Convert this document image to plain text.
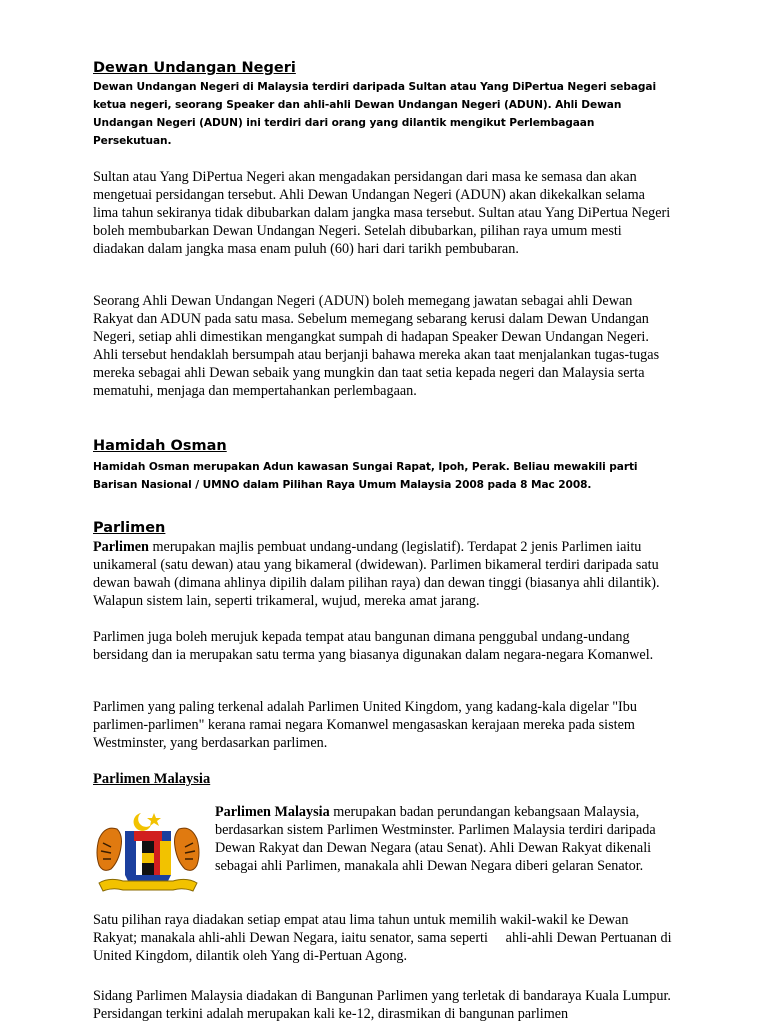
Dewan Undangan Negeri

Dewan Undangan Negeri di Malaysia terdiri daripada Sultan atau Yang DiPertua Negeri sebagai ketua negeri, seorang Speaker dan ahli-ahli Dewan Undangan Negeri (ADUN). Ahli Dewan Undangan Negeri (ADUN) ini terdiri dari orang yang dilantik mengikut Perlembagaan Persekutuan.

Sultan atau Yang DiPertua Negeri akan mengadakan persidangan dari masa ke semasa dan akan mengetuai persidangan tersebut. Ahli Dewan Undangan Negeri (ADUN) akan dikekalkan selama lima tahun sekiranya tidak dibubarkan dalam jangka masa tersebut. Sultan atau Yang DiPertua Negeri boleh membubarkan Dewan Undangan Negeri. Setelah dibubarkan, pilihan raya umum mesti diadakan dalam jangka masa enam puluh (60) hari dari tarikh pembubaran.

Seorang Ahli Dewan Undangan Negeri (ADUN) boleh memegang jawatan sebagai ahli Dewan Rakyat dan ADUN pada satu masa. Sebelum memegang sebarang kerusi dalam Dewan Undangan Negeri, setiap ahli dimestikan mengangkat sumpah di hadapan Speaker Dewan Undangan Negeri. Ahli tersebut hendaklah bersumpah atau berjanji bahawa mereka akan taat menjalankan tugas-tugas mereka sebagai ahli Dewan sebaik yang mungkin dan taat setia kepada negeri dan Malaysia serta mematuhi, menjaga dan mempertahankan perlembagaan.

Hamidah Osman

Hamidah Osman merupakan Adun kawasan Sungai Rapat, Ipoh, Perak. Beliau mewakili parti Barisan Nasional / UMNO dalam Pilihan Raya Umum Malaysia 2008 pada 8 Mac 2008.

Parlimen

Parlimen merupakan majlis pembuat undang-undang (legislatif). Terdapat 2 jenis Parlimen iaitu unikameral (satu dewan) atau yang bikameral (dwidewan). Parlimen bikameral terdiri daripada satu dewan bawah (dimana ahlinya dipilih dalam pilihan raya) dan dewan tinggi (biasanya ahli dilantik). Walapun sistem lain, seperti trikameral, wujud, mereka amat jarang.

Parlimen juga boleh merujuk kepada tempat atau bangunan dimana penggubal undang-undang bersidang dan ia merupakan satu terma yang biasanya digunakan dalam negara-negara Komanwel.

Parlimen yang paling terkenal adalah Parlimen United Kingdom, yang kadang-kala digelar "Ibu parlimen-parlimen" kerana ramai negara Komanwel mengasaskan kerajaan mereka pada sistem Westminster, yang berdasarkan parlimen.

Parlimen Malaysia

Parlimen Malaysia merupakan badan perundangan kebangsaan Malaysia, berdasarkan sistem Parlimen Westminster. Parlimen Malaysia terdiri daripada Dewan Rakyat dan Dewan Negara (atau Senat). Ahli Dewan Rakyat dikenali sebagai ahli Parlimen, manakala ahli Dewan Negara diberi gelaran Senator.

Satu pilihan raya diadakan setiap empat atau lima tahun untuk memilih wakil-wakil ke Dewan Rakyat; manakala ahli-ahli Dewan Negara, iaitu senator, sama seperti     ahli-ahli Dewan Pertuanan di United Kingdom, dilantik oleh Yang di-Pertuan Agong.

Sidang Parlimen Malaysia diadakan di Bangunan Parlimen yang terletak di bandaraya Kuala Lumpur. Persidangan terkini adalah merupakan kali ke-12, dirasmikan di bangunan parlimen
